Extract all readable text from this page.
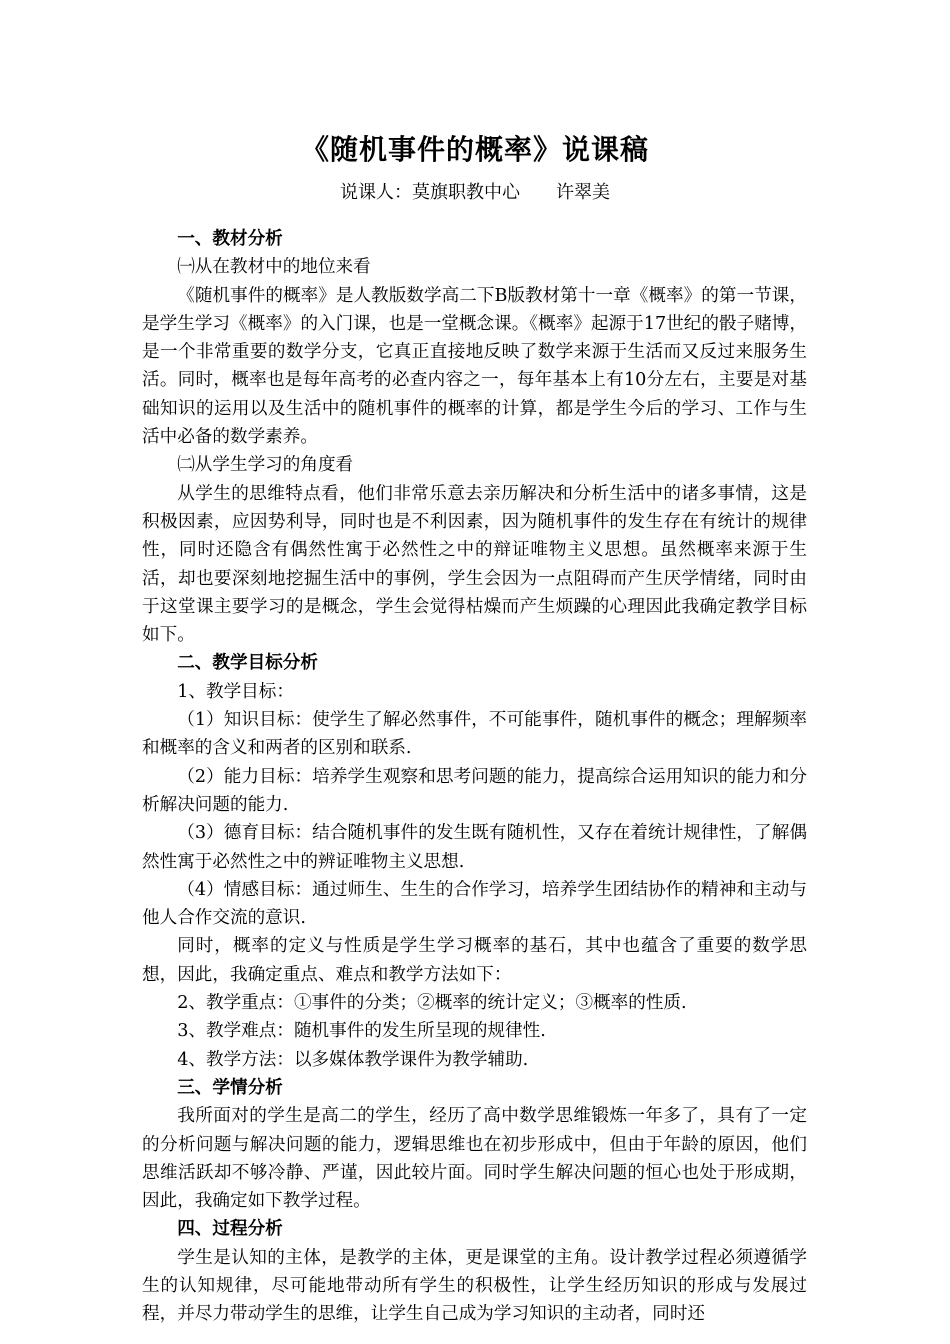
《随机事件的概率》说课稿
说课人：莫旗职教中心 许翠美
一、教材分析
㈠从在教材中的地位来看
《随机事件的概率》是人教版数学高二下B版教材第十一章《概率》的第一节课，是学生学习《概率》的入门课，也是一堂概念课。《概率》起源于17世纪的骰子赌博，是一个非常重要的数学分支，它真正直接地反映了数学来源于生活而又反过来服务生活。同时，概率也是每年高考的必查内容之一，每年基本上有10分左右，主要是对基础知识的运用以及生活中的随机事件的概率的计算，都是学生今后的学习、工作与生活中必备的数学素养。
㈡从学生学习的角度看
从学生的思维特点看，他们非常乐意去亲历解决和分析生活中的诸多事情，这是积极因素，应因势利导，同时也是不利因素，因为随机事件的发生存在有统计的规律性，同时还隐含有偶然性寓于必然性之中的辩证唯物主义思想。虽然概率来源于生活，却也要深刻地挖掘生活中的事例，学生会因为一点阻碍而产生厌学情绪，同时由于这堂课主要学习的是概念，学生会觉得枯燥而产生烦躁的心理因此我确定教学目标如下。
二、教学目标分析
1、教学目标：
（1）知识目标：使学生了解必然事件，不可能事件，随机事件的概念；理解频率和概率的含义和两者的区别和联系.
（2）能力目标：培养学生观察和思考问题的能力，提高综合运用知识的能力和分析解决问题的能力.
（3）德育目标：结合随机事件的发生既有随机性，又存在着统计规律性，了解偶然性寓于必然性之中的辨证唯物主义思想.
（4）情感目标：通过师生、生生的合作学习，培养学生团结协作的精神和主动与他人合作交流的意识.
同时，概率的定义与性质是学生学习概率的基石，其中也蕴含了重要的数学思想，因此，我确定重点、难点和教学方法如下：
2、教学重点：①事件的分类；②概率的统计定义；③概率的性质.
3、教学难点：随机事件的发生所呈现的规律性.
4、教学方法：以多媒体教学课件为教学辅助.
三、学情分析
我所面对的学生是高二的学生，经历了高中数学思维锻炼一年多了，具有了一定的分析问题与解决问题的能力，逻辑思维也在初步形成中，但由于年龄的原因，他们思维活跃却不够冷静、严谨，因此较片面。同时学生解决问题的恒心也处于形成期，因此，我确定如下教学过程。
四、过程分析
学生是认知的主体，是教学的主体，更是课堂的主角。设计教学过程必须遵循学生的认知规律，尽可能地带动所有学生的积极性，让学生经历知识的形成与发展过程，并尽力带动学生的思维，让学生自己成为学习知识的主动者，同时还
